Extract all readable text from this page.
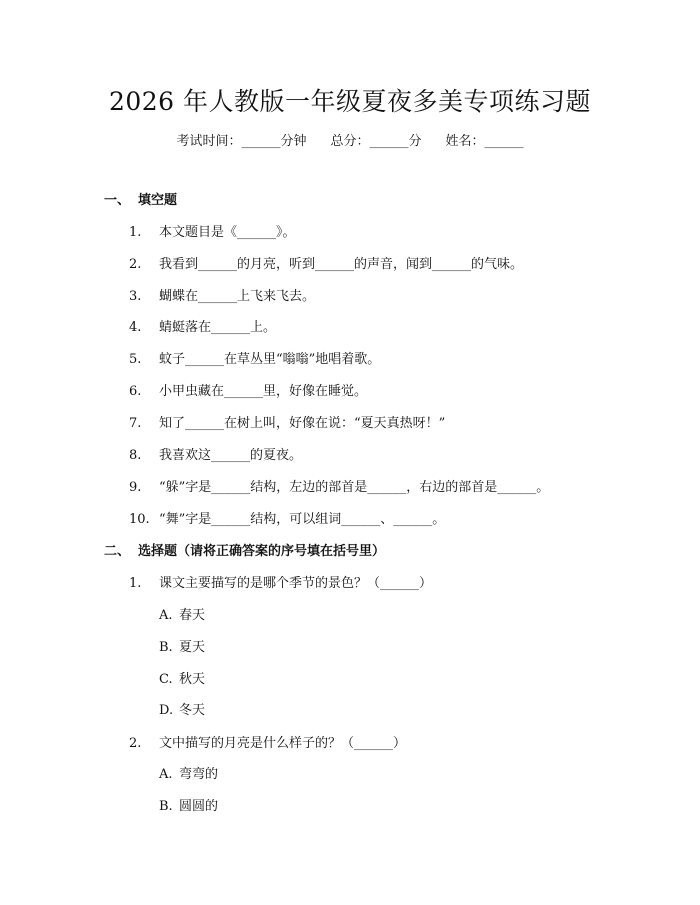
2026 年人教版一年级夏夜多美专项练习题
考试时间：______分钟 总分：______分 姓名：______
一、 填空题
1. 本文题目是《______》。
2. 我看到______的月亮，听到______的声音，闻到______的气味。
3. 蝴蝶在______上飞来飞去。
4. 蜻蜓落在______上。
5. 蚊子______在草丛里“嗡嗡”地唱着歌。
6. 小甲虫藏在______里，好像在睡觉。
7. 知了______在树上叫，好像在说：“夏天真热呀！”
8. 我喜欢这______的夏夜。
9. “躲”字是______结构，左边的部首是______，右边的部首是______。
10. “舞”字是______结构，可以组词______、______。
二、 选择题（请将正确答案的序号填在括号里）
1. 课文主要描写的是哪个季节的景色？（______）
A. 春天
B. 夏天
C. 秋天
D. 冬天
2. 文中描写的月亮是什么样子的？（______）
A. 弯弯的
B. 圆圆的
